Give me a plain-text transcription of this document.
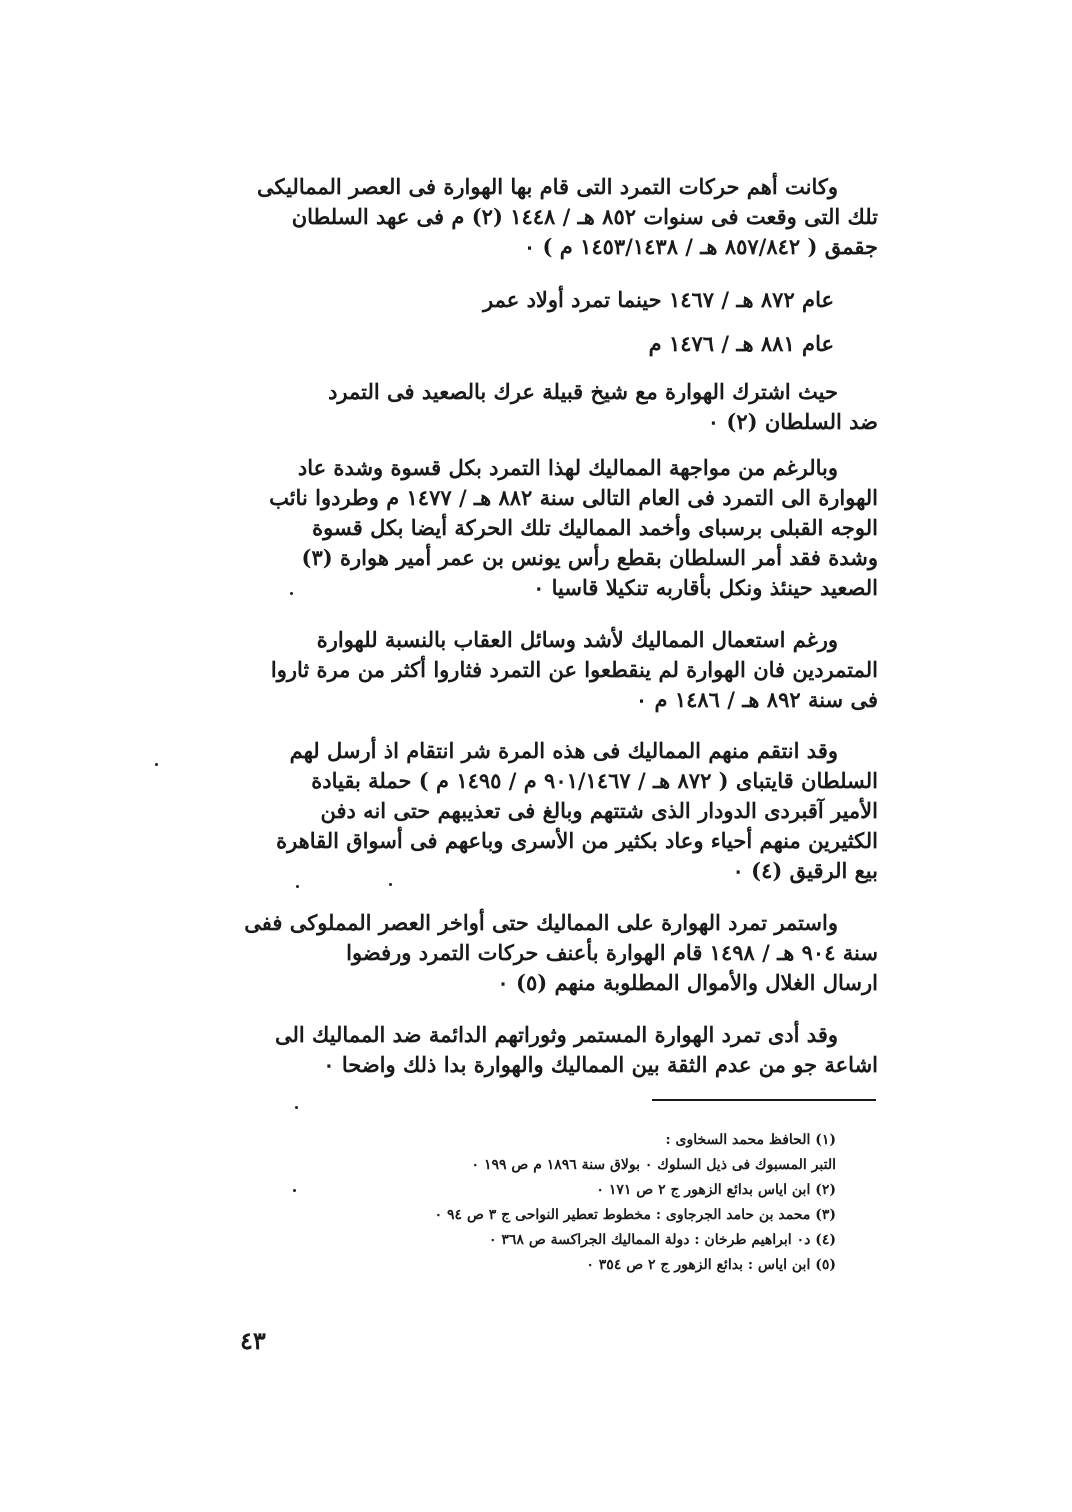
وكانت أهم حركات التمرد التى قام بها الهوارة فى العصر المماليكى
تلك التى وقعت فى سنوات ٨٥٢ هـ / ١٤٤٨ (٢) م فى عهد السلطان
جقمق ( ٨٥٧/٨٤٢ هـ / ١٤٥٣/١٤٣٨ م ) ٠
عام ٨٧٢ هـ / ١٤٦٧ حينما تمرد أولاد عمر
عام ٨٨١ هـ / ١٤٧٦ م
حيث اشترك الهوارة مع شيخ قبيلة عرك بالصعيد فى التمرد
ضد السلطان (٢) ٠
وبالرغم من مواجهة المماليك لهذا التمرد بكل قسوة وشدة عاد
الهوارة الى التمرد فى العام التالى سنة ٨٨٢ هـ / ١٤٧٧ م وطردوا نائب
الوجه القبلى برسباى وأخمد المماليك تلك الحركة أيضا بكل قسوة
وشدة فقد أمر السلطان بقطع رأس يونس بن عمر أمير هوارة (٣)
الصعيد حينئذ ونكل بأقاربه تنكيلا قاسيا ٠
ورغم استعمال المماليك لأشد وسائل العقاب بالنسبة للهوارة
المتمردين فان الهوارة لم ينقطعوا عن التمرد فثاروا أكثر من مرة ثاروا
فى سنة ٨٩٢ هـ / ١٤٨٦ م ٠
وقد انتقم منهم المماليك فى هذه المرة شر انتقام اذ أرسل لهم
السلطان قايتباى ( ٨٧٢ هـ / ٩٠١/١٤٦٧ م / ١٤٩٥ م ) حملة بقيادة
الأمير آقبردى الدودار الذى شتتهم وبالغ فى تعذيبهم حتى انه دفن
الكثيرين منهم أحياء وعاد بكثير من الأسرى وباعهم فى أسواق القاهرة
بيع الرقيق (٤) ٠
واستمر تمرد الهوارة على المماليك حتى أواخر العصر المملوكى ففى
سنة ٩٠٤ هـ / ١٤٩٨ قام الهوارة بأعنف حركات التمرد ورفضوا
ارسال الغلال والأموال المطلوبة منهم (٥) ٠
وقد أدى تمرد الهوارة المستمر وثوراتهم الدائمة ضد المماليك الى
اشاعة جو من عدم الثقة بين المماليك والهوارة بدا ذلك واضحا ٠
(١) الحافظ محمد السخاوى :
التبر المسبوك فى ذيل السلوك ٠ بولاق سنة ١٨٩٦ م ص ١٩٩ ٠
(٢) ابن اياس بدائع الزهور ج ٢ ص ١٧١ ٠
(٣) محمد بن حامد الجرجاوى : مخطوط تعطير النواحى ج ٣ ص ٩٤ ٠
(٤) د٠ ابراهيم طرخان : دولة المماليك الجراكسة ص ٣٦٨ ٠
(٥) ابن اياس : بدائع الزهور ج ٢ ص ٣٥٤ ٠
٤٣
